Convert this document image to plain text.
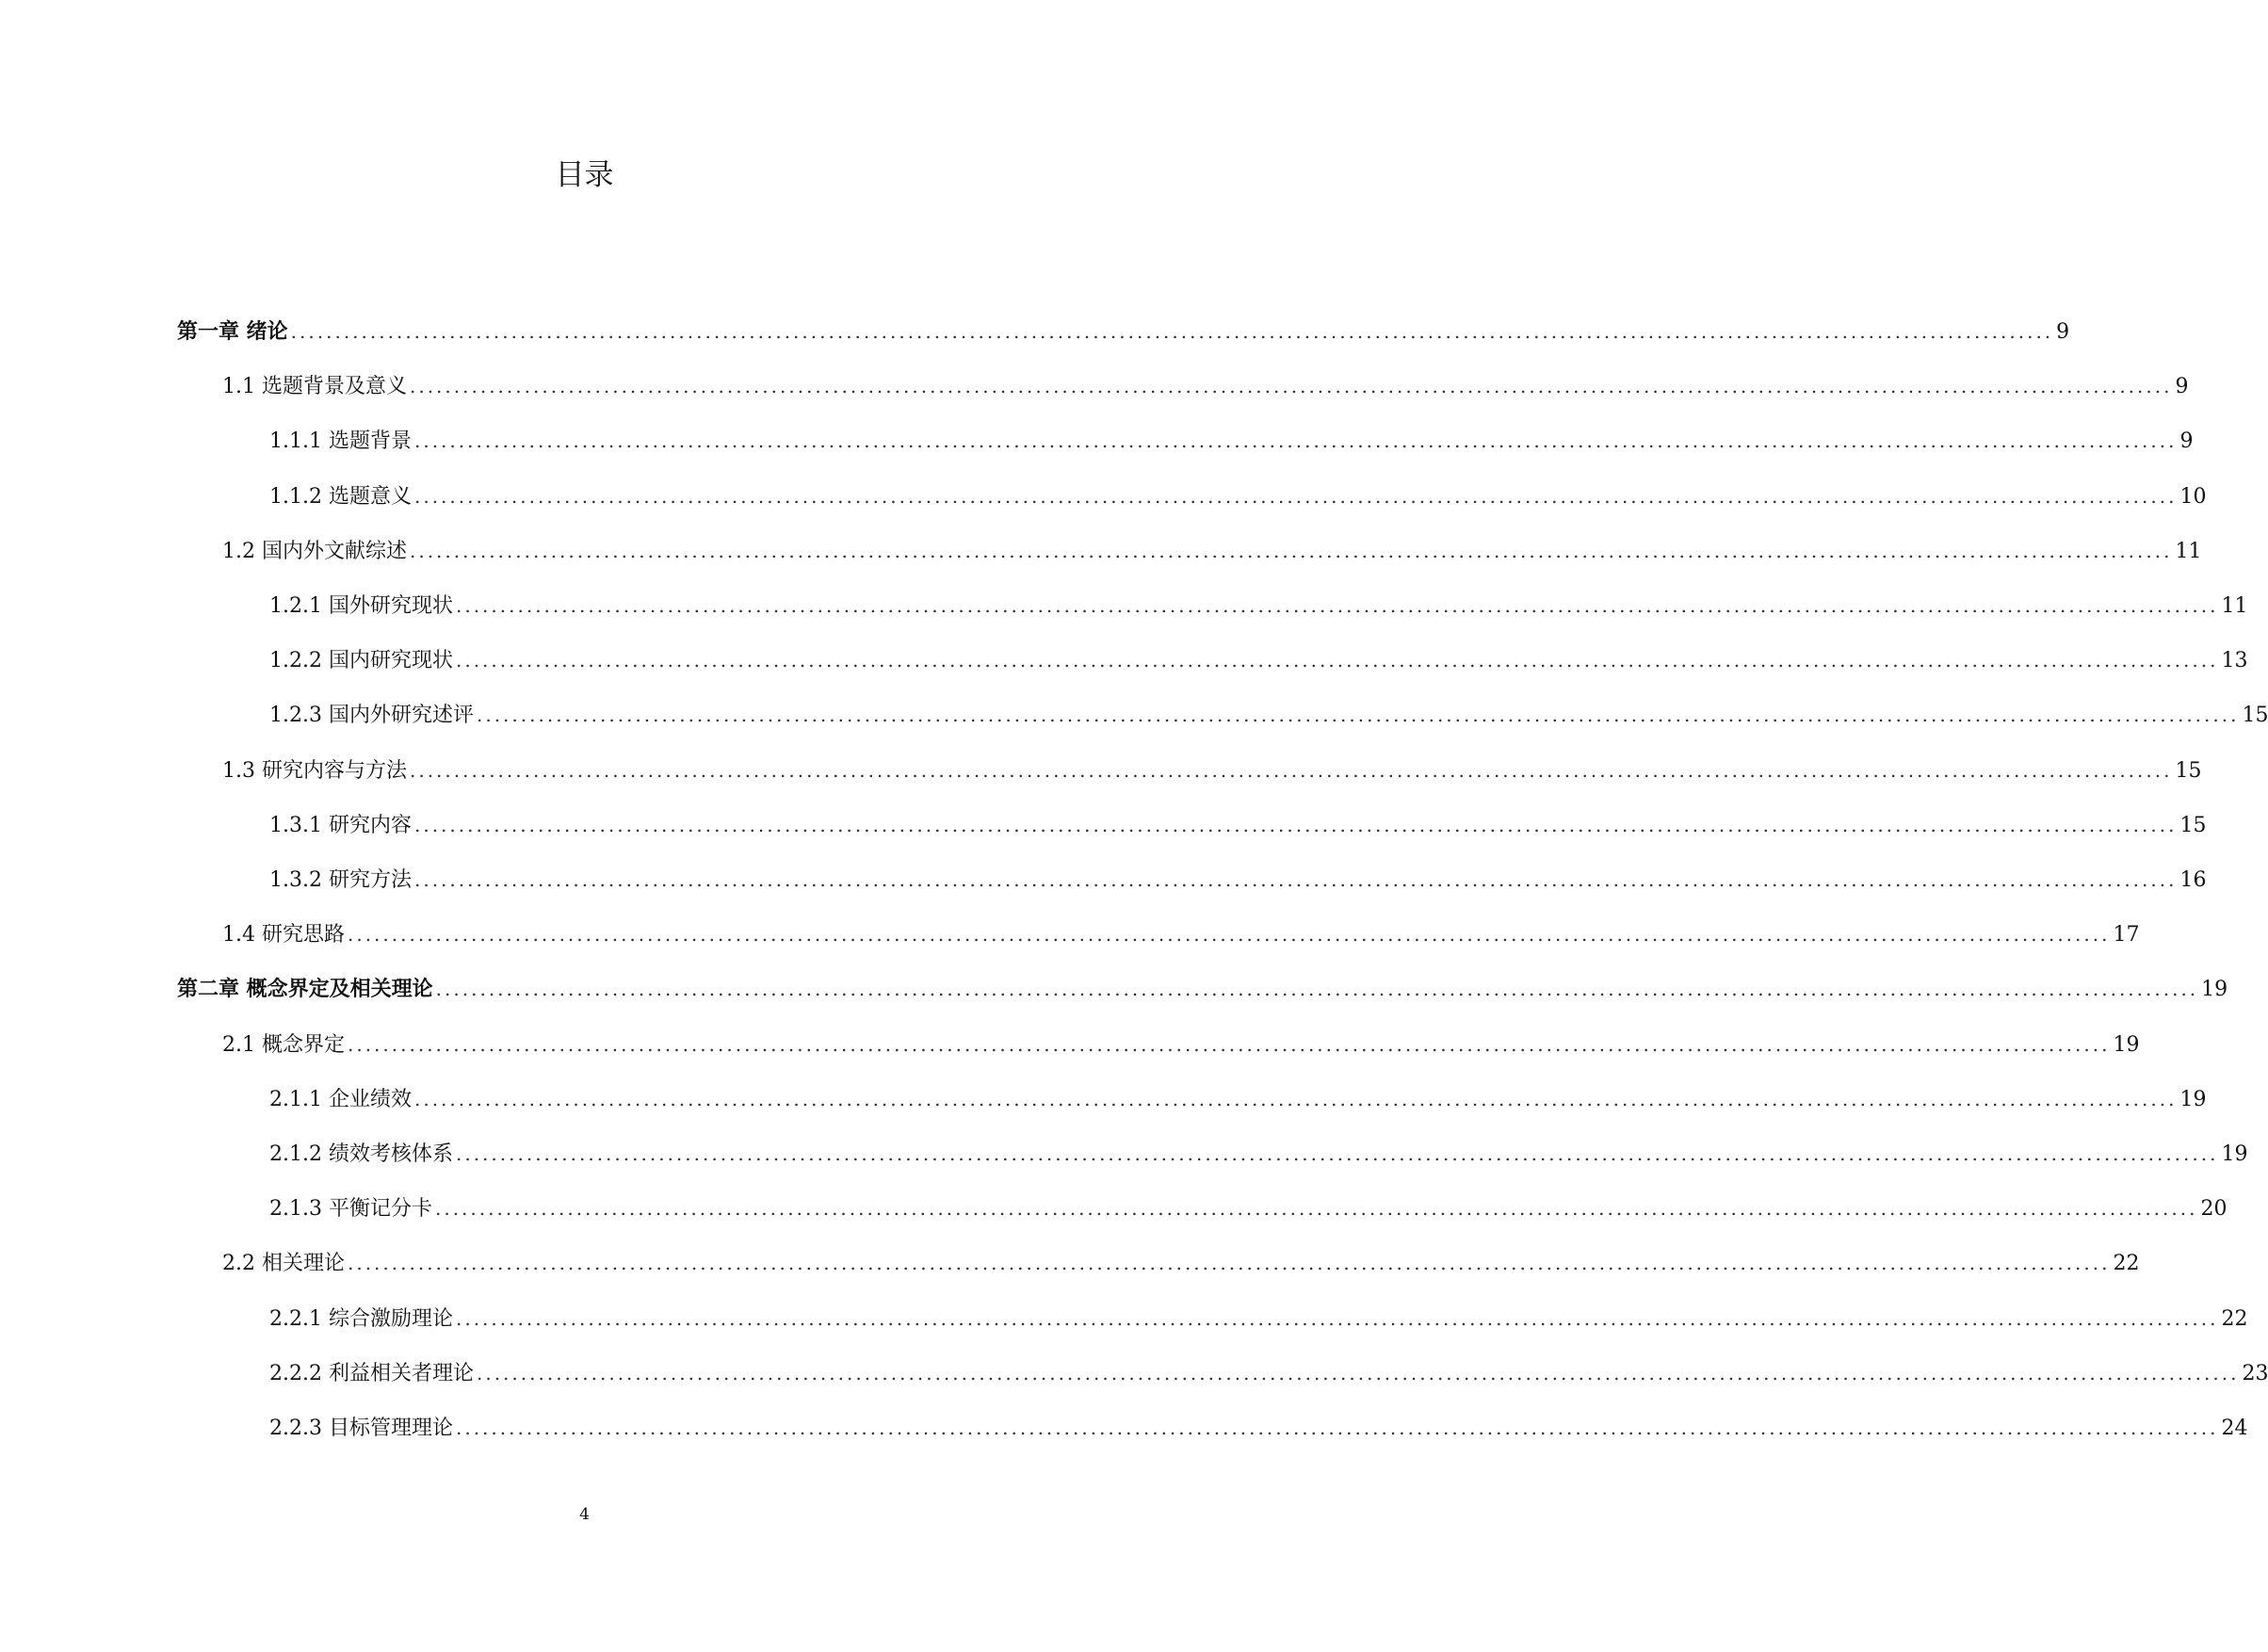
目录
第一章 绪论 ........................................................................................................................................................................................................ 9
1.1 选题背景及意义 ........................................................................................................................................................................................................ 9
1.1.1 选题背景 ........................................................................................................................................................................................................ 9
1.1.2 选题意义 ........................................................................................................................................................................................................ 10
1.2 国内外文献综述 ........................................................................................................................................................................................................ 11
1.2.1 国外研究现状 ........................................................................................................................................................................................................ 11
1.2.2 国内研究现状 ........................................................................................................................................................................................................ 13
1.2.3 国内外研究述评 ........................................................................................................................................................................................................ 15
1.3 研究内容与方法 ........................................................................................................................................................................................................ 15
1.3.1 研究内容 ........................................................................................................................................................................................................ 15
1.3.2 研究方法 ........................................................................................................................................................................................................ 16
1.4 研究思路 ........................................................................................................................................................................................................ 17
第二章 概念界定及相关理论 ........................................................................................................................................................................................................ 19
2.1 概念界定 ........................................................................................................................................................................................................ 19
2.1.1 企业绩效 ........................................................................................................................................................................................................ 19
2.1.2 绩效考核体系 ........................................................................................................................................................................................................ 19
2.1.3 平衡记分卡 ........................................................................................................................................................................................................ 20
2.2 相关理论 ........................................................................................................................................................................................................ 22
2.2.1 综合激励理论 ........................................................................................................................................................................................................ 22
2.2.2 利益相关者理论 ........................................................................................................................................................................................................ 23
2.2.3 目标管理理论 ........................................................................................................................................................................................................ 24
4
